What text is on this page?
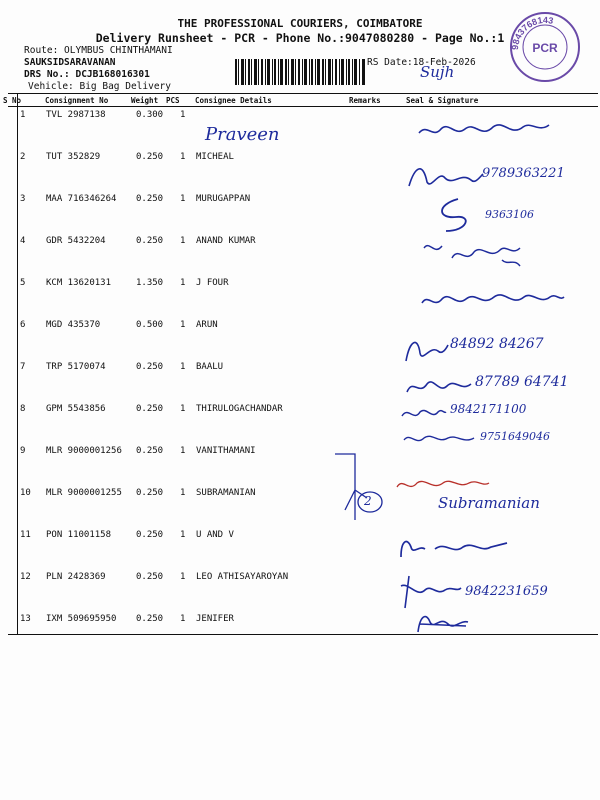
THE PROFESSIONAL COURIERS, COIMBATORE
Delivery Runsheet - PCR - Phone No.:9047080280 - Page No.:1
Route: OLYMBUS CHINTHAMANI
SAUKSIDSARAVANAN
DRS No.: DCJB168016301
Vehicle: Big Bag Delivery
RS Date:18-Feb-2026
9843768143
PCR
Sujh
S No	Consignment No	Weight PCS Consignee Details	Remarks	Seal & Signature
1 TVL 2987138	0.300 1
2 TUT 352829	0.250 1 MICHEAL
3 MAA 716346264 0.250 1 MURUGAPPAN
4 GDR 5432204	0.250 1 ANAND KUMAR
5 KCM 13620131	1.350 1 J FOUR
6 MGD 435370	0.500 1 ARUN
7 TRP 5170074	0.250 1 BAALU
8 GPM 5543856	0.250 1 THIRULOGACHANDAR
9 MLR 9000001256 0.250 1 VANITHAMANI
10 MLR 9000001255 0.250 1 SUBRAMANIAN
11 PON 11001158	0.250 1 U AND V
12 PLN 2428369	0.250 1 LEO ATHISAYAROYAN
13 IXM 509695950 0.250 1 JENIFER
Praveen
9789363221
9363106
84892 84267
87789 64741
9842171100
9751649046
2	Subramanian
9842231659
